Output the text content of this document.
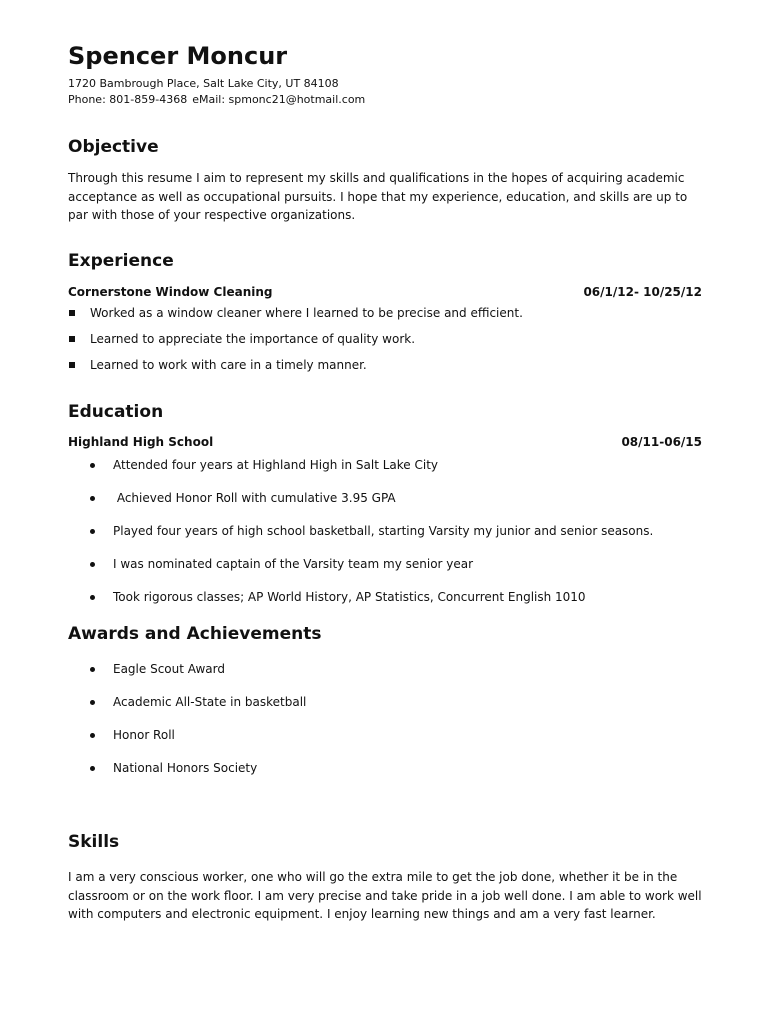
Spencer Moncur

1720 Bambrough Place, Salt Lake City, UT 84108

Phone: 801-859-4368 eMail: spmonc21@hotmail.com

Objective

Through this resume I aim to represent my skills and qualifications in the hopes of acquiring academic acceptance as well as occupational pursuits. I hope that my experience, education, and skills are up to par with those of your respective organizations.

Experience
Cornerstone Window Cleaning	06/1/12- 10/25/12
Worked as a window cleaner where I learned to be precise and efficient.
Learned to appreciate the importance of quality work.
Learned to work with care in a timely manner.
Education
Highland High School	08/11-06/15
Attended four years at Highland High in Salt Lake City
Achieved Honor Roll with cumulative 3.95 GPA
Played four years of high school basketball, starting Varsity my junior and senior seasons.
I was nominated captain of the Varsity team my senior year
Took rigorous classes; AP World History, AP Statistics, Concurrent English 1010
Awards and Achievements
Eagle Scout Award
Academic All-State in basketball
Honor Roll
National Honors Society
Skills

I am a very conscious worker, one who will go the extra mile to get the job done, whether it be in the classroom or on the work floor. I am very precise and take pride in a job well done. I am able to work well with computers and electronic equipment. I enjoy learning new things and am a very fast learner.
